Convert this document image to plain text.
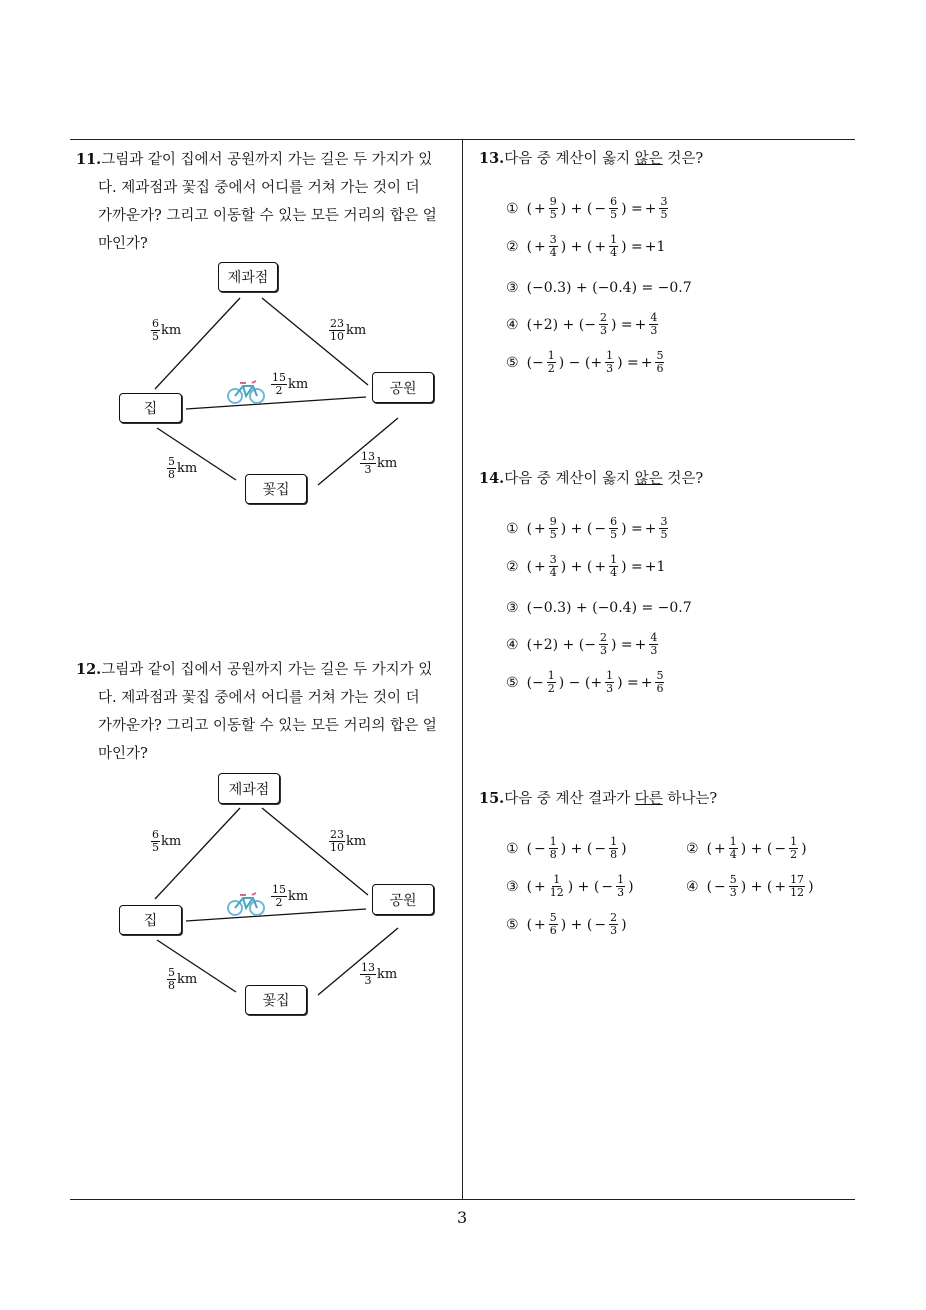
11.그림과 같이 집에서 공원까지 가는 길은 두 가지가 있
다. 제과점과 꽃집 중에서 어디를 거쳐 가는 것이 더
가까운가? 그리고 이동할 수 있는 모든 거리의 합은 얼
마인가?
제과점
공원
집
꽃집
$\frac{6}{5}$ km	$\frac{23}{10}$ km
$\frac{15}{2}$ km
$\frac{5}{8}$ km	$\frac{13}{3}$ km
12.그림과 같이 집에서 공원까지 가는 길은 두 가지가 있
다. 제과점과 꽃집 중에서 어디를 거쳐 가는 것이 더
가까운가? 그리고 이동할 수 있는 모든 거리의 합은 얼
마인가?
제과점
공원
집
꽃집
$\frac{6}{5}$ km	$\frac{23}{10}$ km
$\frac{15}{2}$ km
$\frac{5}{8}$ km	$\frac{13}{3}$ km
13.다음 중 계산이 옳지 않은 것은?
① ( + $\frac{9}{5}$ ) + ( − $\frac{6}{5}$ ) = + $\frac{3}{5}$
② ( + $\frac{3}{4}$ ) + ( + $\frac{1}{4}$ ) = +1
③ (−0.3) + (−0.4) = −0.7
④ (+2) + (− $\frac{2}{3}$ ) = + $\frac{4}{3}$
⑤ (− $\frac{1}{2}$ ) − (+ $\frac{1}{3}$ ) = + $\frac{5}{6}$
14.다음 중 계산이 옳지 않은 것은?
① ( + $\frac{9}{5}$ ) + ( − $\frac{6}{5}$ ) = + $\frac{3}{5}$
② ( + $\frac{3}{4}$ ) + ( + $\frac{1}{4}$ ) = +1
③ (−0.3) + (−0.4) = −0.7
④ (+2) + (− $\frac{2}{3}$ ) = + $\frac{4}{3}$
⑤ (− $\frac{1}{2}$ ) − (+ $\frac{1}{3}$ ) = + $\frac{5}{6}$
15.다음 중 계산 결과가 다른 하나는?
① ( − $\frac{1}{8}$ ) + ( − $\frac{1}{8}$ )	② ( + $\frac{1}{4}$ ) + ( − $\frac{1}{2}$ )
③ ( + $\frac{1}{12}$ ) + ( − $\frac{1}{3}$ )	④ ( − $\frac{5}{3}$ ) + ( + $\frac{17}{12}$ )
⑤ ( + $\frac{5}{6}$ ) + ( − $\frac{2}{3}$ )
3
